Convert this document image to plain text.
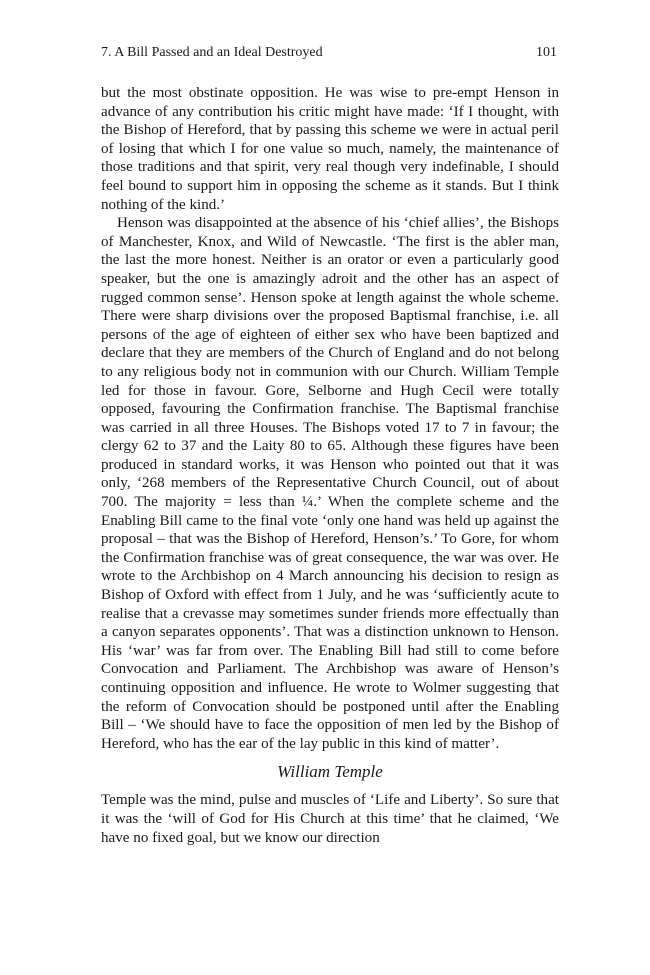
7. A Bill Passed and an Ideal Destroyed	101

but the most obstinate opposition. He was wise to pre-empt Henson in advance of any contribution his critic might have made: ‘If I thought, with the Bishop of Hereford, that by passing this scheme we were in actual peril of losing that which I for one value so much, namely, the maintenance of those traditions and that spirit, very real though very indefinable, I should feel bound to support him in opposing the scheme as it stands. But I think nothing of the kind.’

Henson was disappointed at the absence of his ‘chief allies’, the Bishops of Manchester, Knox, and Wild of Newcastle. ‘The first is the abler man, the last the more honest. Neither is an orator or even a particularly good speaker, but the one is amazingly adroit and the other has an aspect of rugged common sense’. Henson spoke at length against the whole scheme. There were sharp divisions over the proposed Baptismal franchise, i.e. all persons of the age of eighteen of either sex who have been baptized and declare that they are members of the Church of England and do not belong to any religious body not in communion with our Church. William Temple led for those in favour. Gore, Selborne and Hugh Cecil were totally opposed, favouring the Confirmation franchise. The Baptismal franchise was carried in all three Houses. The Bishops voted 17 to 7 in favour; the clergy 62 to 37 and the Laity 80 to 65. Although these figures have been produced in standard works, it was Henson who pointed out that it was only, ‘268 members of the Representative Church Council, out of about 700. The majority = less than ¼.’ When the complete scheme and the Enabling Bill came to the final vote ‘only one hand was held up against the proposal – that was the Bishop of Hereford, Henson’s.’ To Gore, for whom the Confirmation franchise was of great consequence, the war was over. He wrote to the Archbishop on 4 March announcing his decision to resign as Bishop of Oxford with effect from 1 July, and he was ‘sufficiently acute to realise that a crevasse may sometimes sunder friends more effectually than a canyon separates opponents’. That was a distinction unknown to Henson. His ‘war’ was far from over. The Enabling Bill had still to come before Convocation and Parliament. The Archbishop was aware of Henson’s continuing opposition and influence. He wrote to Wolmer suggesting that the reform of Convocation should be postponed until after the Enabling Bill – ‘We should have to face the opposition of men led by the Bishop of Hereford, who has the ear of the lay public in this kind of matter’.

William Temple

Temple was the mind, pulse and muscles of ‘Life and Liberty’. So sure that it was the ‘will of God for His Church at this time’ that he claimed, ‘We have no fixed goal, but we know our direction
